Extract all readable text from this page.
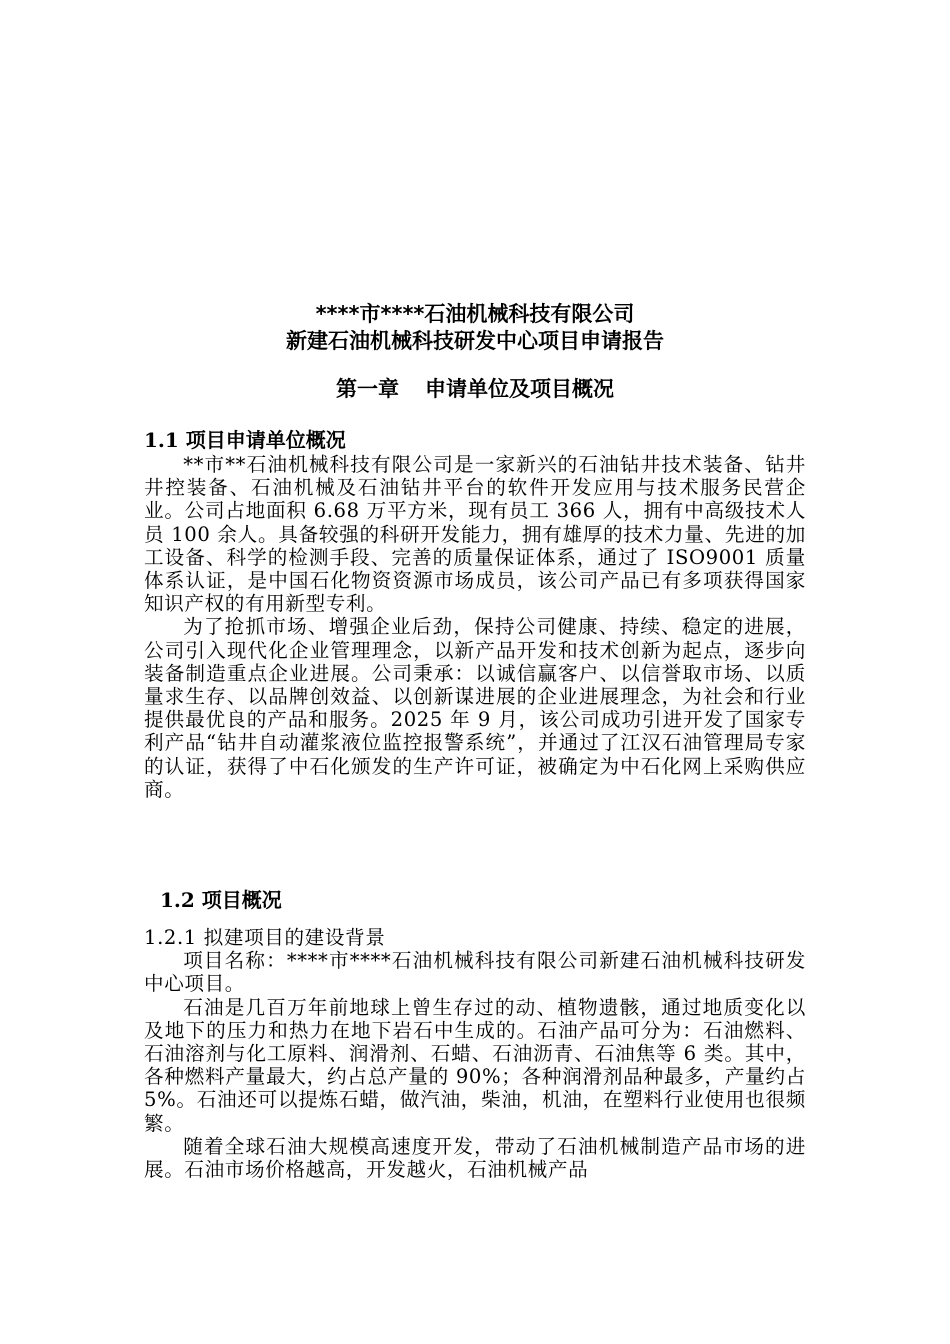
****市****石油机械科技有限公司
新建石油机械科技研发中心项目申请报告
第一章 申请单位及项目概况
1.1 项目申请单位概况

**市**石油机械科技有限公司是一家新兴的石油钻井技术装备、钻井井控装备、石油机械及石油钻井平台的软件开发应用与技术服务民营企业。公司占地面积 6.68 万平方米，现有员工 366 人，拥有中高级技术人员 100 余人。具备较强的科研开发能力，拥有雄厚的技术力量、先进的加工设备、科学的检测手段、完善的质量保证体系，通过了 ISO9001 质量体系认证，是中国石化物资资源市场成员，该公司产品已有多项获得国家知识产权的有用新型专利。

为了抢抓市场、增强企业后劲，保持公司健康、持续、稳定的进展，公司引入现代化企业管理理念，以新产品开发和技术创新为起点，逐步向装备制造重点企业进展。公司秉承：以诚信赢客户、以信誉取市场、以质量求生存、以品牌创效益、以创新谋进展的企业进展理念，为社会和行业提供最优良的产品和服务。2025 年 9 月，该公司成功引进开发了国家专利产品“钻井自动灌浆液位监控报警系统”，并通过了江汉石油管理局专家的认证，获得了中石化颁发的生产许可证，被确定为中石化网上采购供应商。

1.2 项目概况

1.2.1 拟建项目的建设背景

项目名称：****市****石油机械科技有限公司新建石油机械科技研发中心项目。

石油是几百万年前地球上曾生存过的动、植物遗骸，通过地质变化以及地下的压力和热力在地下岩石中生成的。石油产品可分为：石油燃料、石油溶剂与化工原料、润滑剂、石蜡、石油沥青、石油焦等 6 类。其中，各种燃料产量最大，约占总产量的 90%；各种润滑剂品种最多，产量约占 5%。石油还可以提炼石蜡，做汽油，柴油，机油，在塑料行业使用也很频繁。

随着全球石油大规模高速度开发，带动了石油机械制造产品市场的进展。石油市场价格越高，开发越火，石油机械产品
